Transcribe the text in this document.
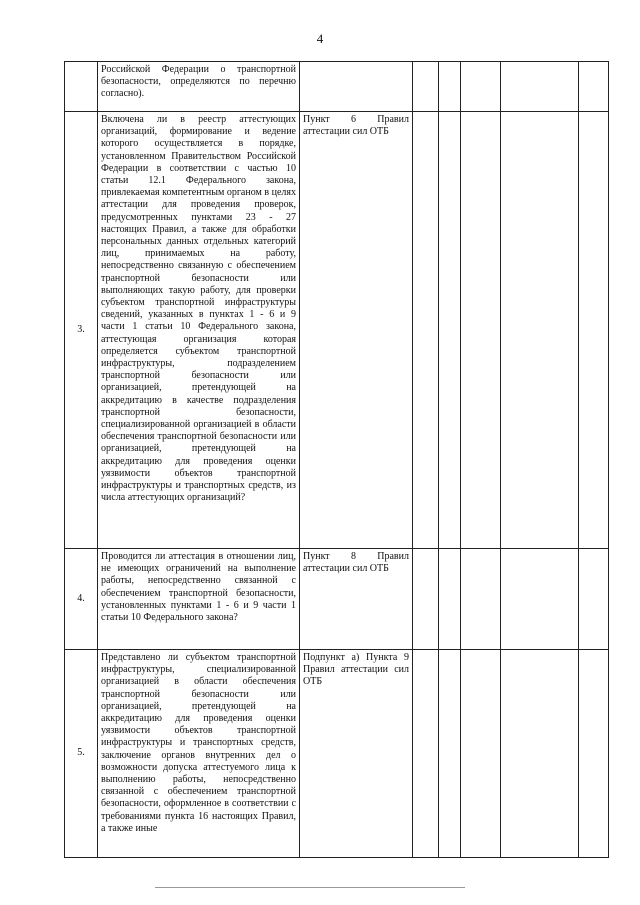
4

	Российской Федерации о транспортной безопасности, определяются по перечню согласно).						

3.	Включена ли в реестр аттестующих организаций, формирование и ведение которого осуществляется в порядке, установленном Правительством Российской Федерации в соответствии с частью 10 статьи 12.1 Федерального закона, привлекаемая компетентным органом в целях аттестации для проведения проверок, предусмотренных пунктами 23 - 27 настоящих Правил, а также для обработки персональных данных отдельных категорий лиц, принимаемых на работу, непосредственно связанную с обеспечением транспортной безопасности или выполняющих такую работу, для проверки субъектом транспортной инфраструктуры сведений, указанных в пунктах 1 - 6 и 9 части 1 статьи 10 Федерального закона, аттестующая организация которая определяется субъектом транспортной инфраструктуры, подразделением транспортной безопасности или организацией, претендующей на аккредитацию в качестве подразделения транспортной безопасности, специализированной организацией в области обеспечения транспортной безопасности или организацией, претендующей на аккредитацию для проведения оценки уязвимости объектов транспортной инфраструктуры и транспортных средств, из числа аттестующих организаций?	Пункт 6 Правил аттестации сил ОТБ					

4.	Проводится ли аттестация в отношении лиц, не имеющих ограничений на выполнение работы, непосредственно связанной с обеспечением транспортной безопасности, установленных пунктами 1 - 6 и 9 части 1 статьи 10 Федерального закона?	Пункт 8 Правил аттестации сил ОТБ					

5.	Представлено ли субъектом транспортной инфраструктуры, специализированной организацией в области обеспечения транспортной безопасности или организацией, претендующей на аккредитацию для проведения оценки уязвимости объектов транспортной инфраструктуры и транспортных средств, заключение органов внутренних дел о возможности допуска аттестуемого лица к выполнению работы, непосредственно связанной с обеспечением транспортной безопасности, оформленное в соответствии с требованиями пункта 16 настоящих Правил, а также иные	Подпункт а) Пункта 9 Правил аттестации сил ОТБ					
